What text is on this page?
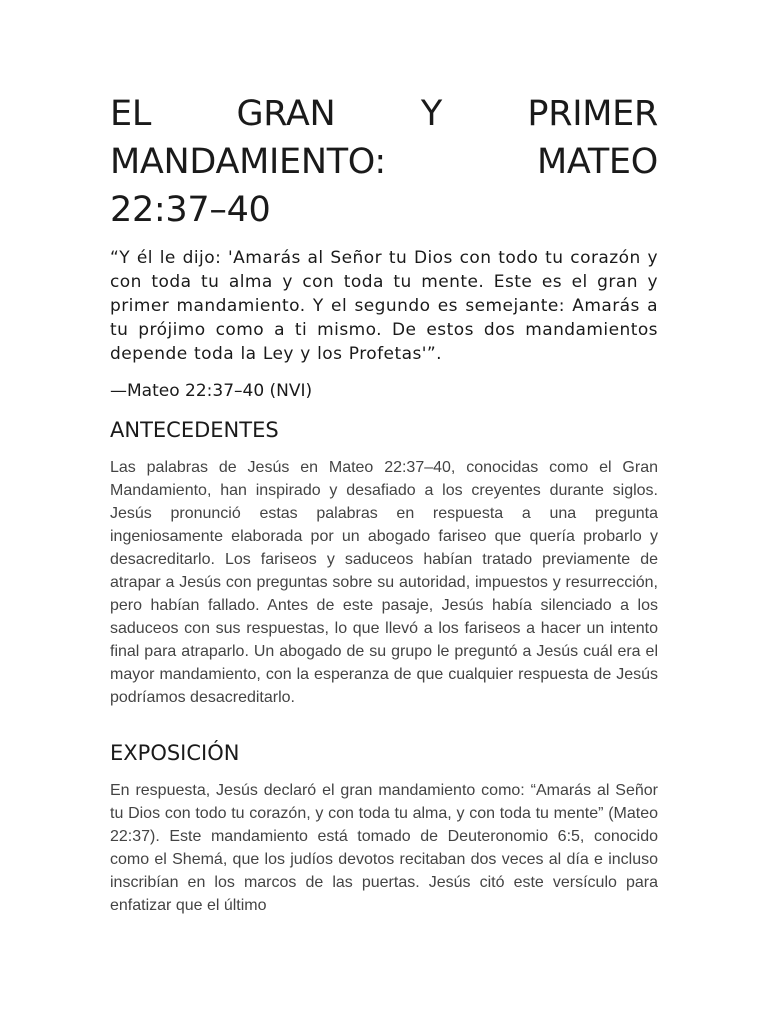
EL GRAN Y PRIMER
MANDAMIENTO: MATEO
22:37–40

“Y él le dijo: 'Amarás al Señor tu Dios con todo tu corazón y con toda tu alma y con toda tu mente. Este es el gran y primer mandamiento. Y el segundo es semejante: Amarás a tu prójimo como a ti mismo. De estos dos mandamientos depende toda la Ley y los Profetas'”.

—Mateo 22:37–40 (NVI)

ANTECEDENTES

Las palabras de Jesús en Mateo 22:37–40, conocidas como el Gran Mandamiento, han inspirado y desafiado a los creyentes durante siglos. Jesús pronunció estas palabras en respuesta a una pregunta ingeniosamente elaborada por un abogado fariseo que quería probarlo y desacreditarlo. Los fariseos y saduceos habían tratado previamente de atrapar a Jesús con preguntas sobre su autoridad, impuestos y resurrección, pero habían fallado. Antes de este pasaje, Jesús había silenciado a los saduceos con sus respuestas, lo que llevó a los fariseos a hacer un intento final para atraparlo. Un abogado de su grupo le preguntó a Jesús cuál era el mayor mandamiento, con la esperanza de que cualquier respuesta de Jesús podríamos desacreditarlo.

EXPOSICIÓN

En respuesta, Jesús declaró el gran mandamiento como: “Amarás al Señor tu Dios con todo tu corazón, y con toda tu alma, y con toda tu mente” (Mateo 22:37). Este mandamiento está tomado de Deuteronomio 6:5, conocido como el Shemá, que los judíos devotos recitaban dos veces al día e incluso inscribían en los marcos de las puertas. Jesús citó este versículo para enfatizar que el último
